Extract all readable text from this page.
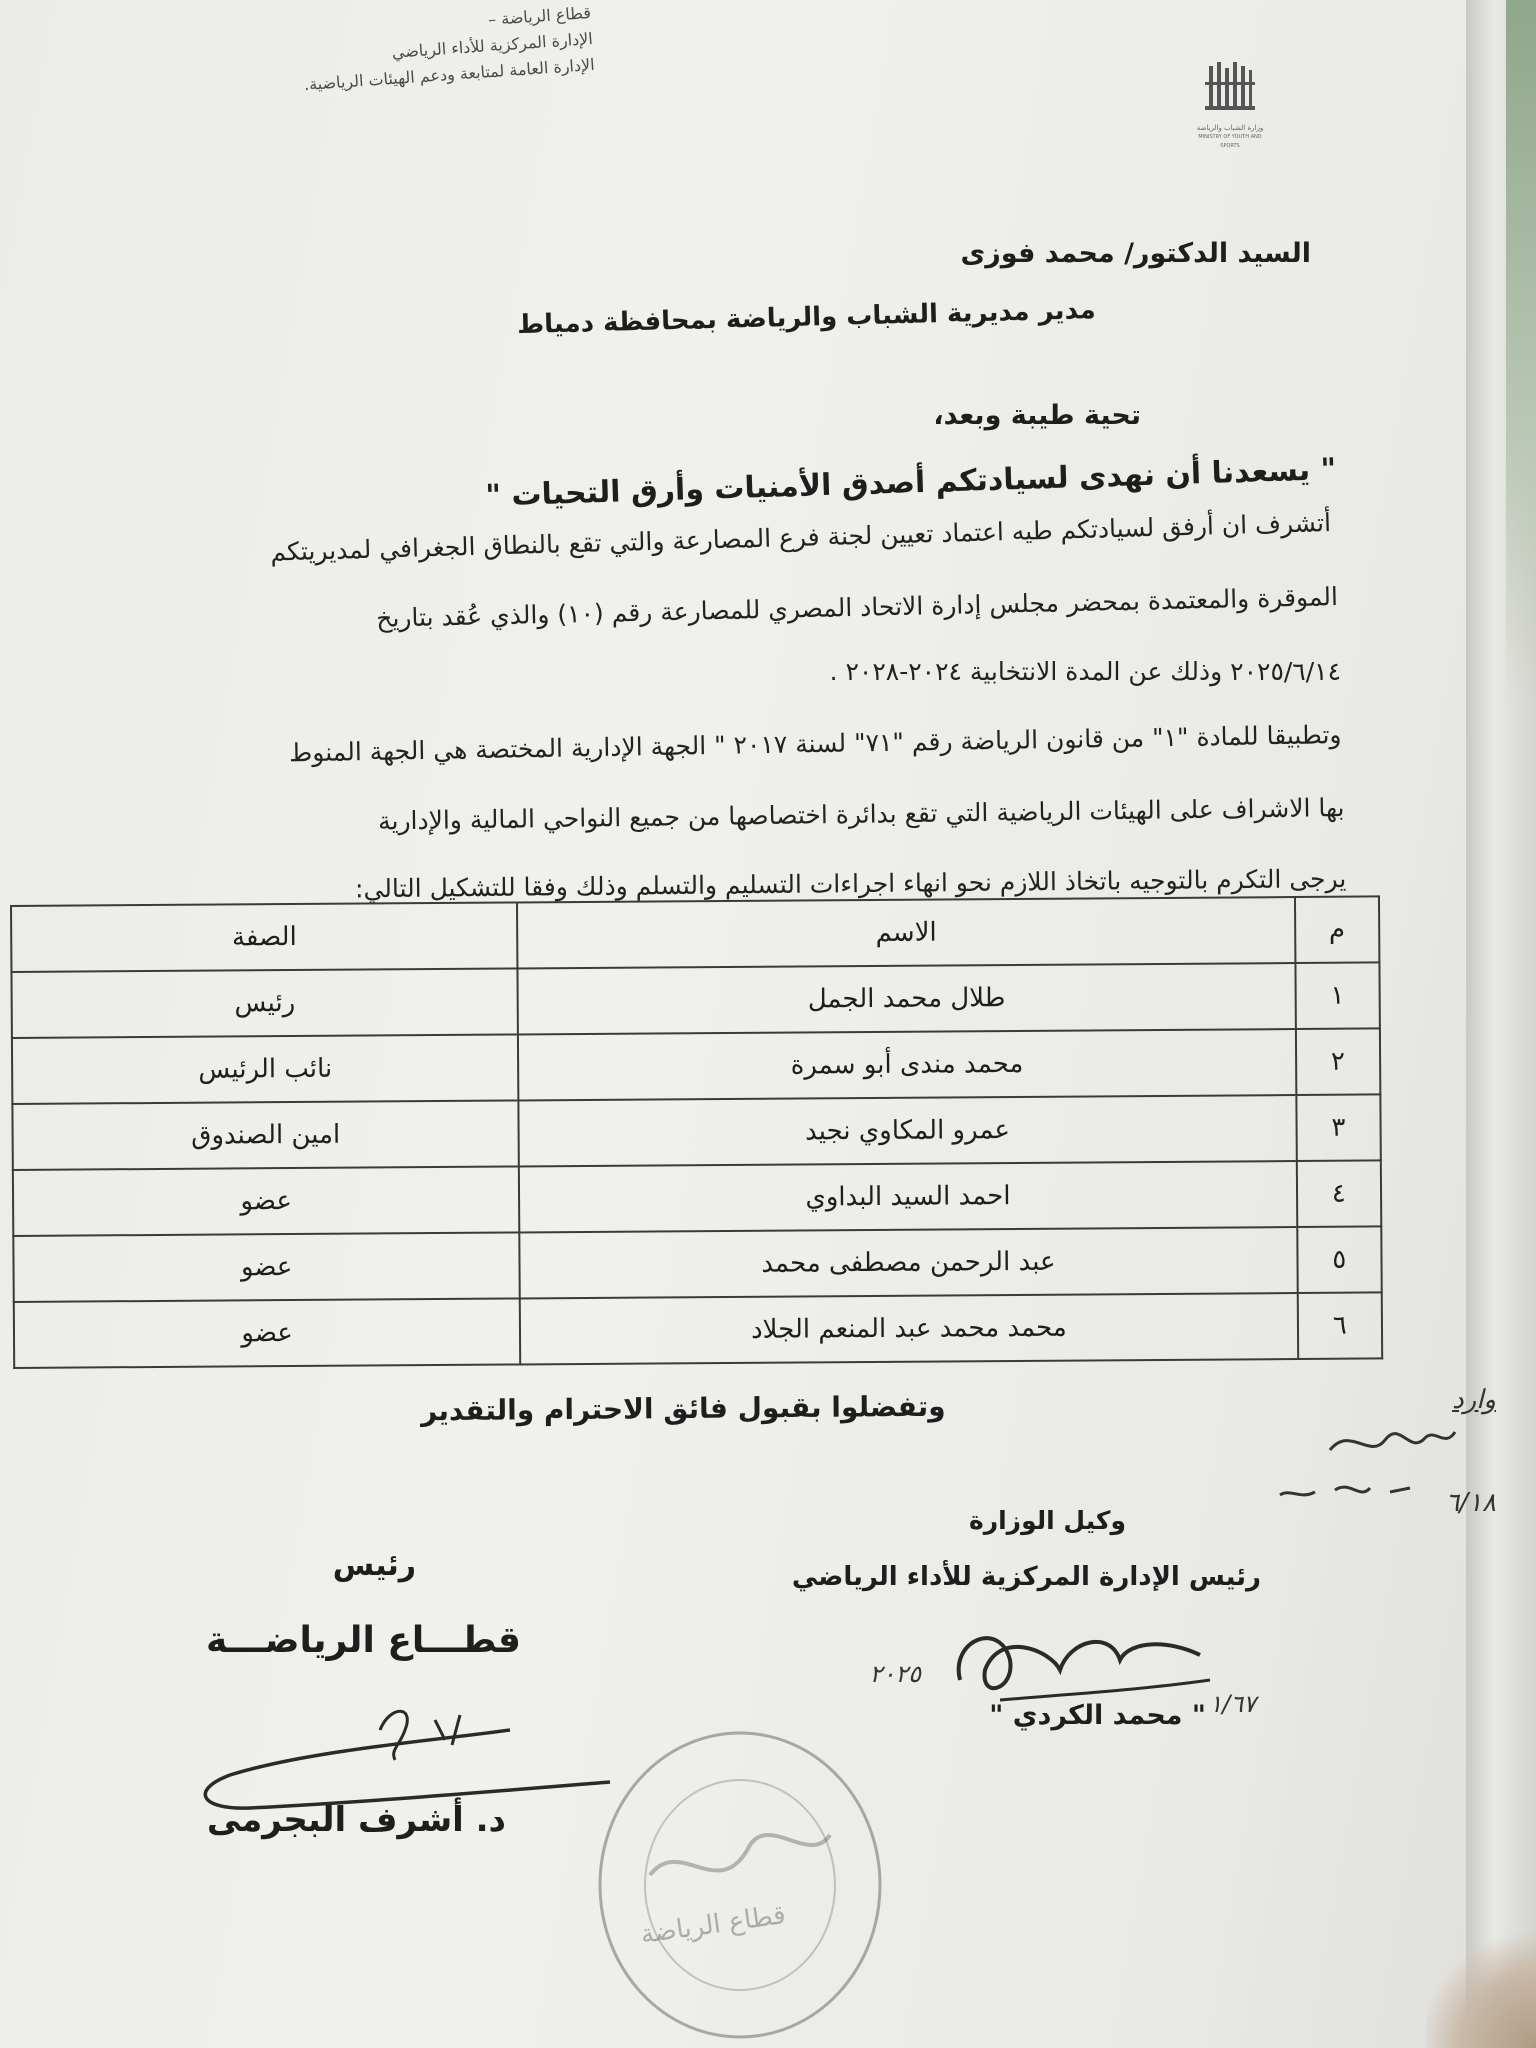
قطاع الرياضة –
الإدارة المركزية للأداء الرياضي
الإدارة العامة لمتابعة ودعم الهيئات الرياضية.
وزارة الشباب والرياضة
MINISTRY OF YOUTH AND SPORTS
السيد الدكتور/ محمد فوزى
مدير مديرية الشباب والرياضة بمحافظة دمياط
تحية طيبة وبعد،
" يسعدنا أن نهدى لسيادتكم أصدق الأمنيات وأرق التحيات "
أتشرف ان أرفق لسيادتكم طيه اعتماد تعيين لجنة فرع المصارعة والتي تقع بالنطاق الجغرافي لمديريتكم
الموقرة والمعتمدة بمحضر مجلس إدارة الاتحاد المصري للمصارعة رقم (١٠) والذي عُقد بتاريخ
٢٠٢٥/٦/١٤ وذلك عن المدة الانتخابية ٢٠٢٤-٢٠٢٨ .
وتطبيقا للمادة "١" من قانون الرياضة رقم "٧١" لسنة ٢٠١٧ " الجهة الإدارية المختصة هي الجهة المنوط
بها الاشراف على الهيئات الرياضية التي تقع بدائرة اختصاصها من جميع النواحي المالية والإدارية
يرجى التكرم بالتوجيه باتخاذ اللازم نحو انهاء اجراءات التسليم والتسلم وذلك وفقا للتشكيل التالي:
م	الاسم	الصفة
١	طلال محمد الجمل	رئيس
٢	محمد مندى أبو سمرة	نائب الرئيس
٣	عمرو المكاوي نجيد	امين الصندوق
٤	احمد السيد البداوي	عضو
٥	عبد الرحمن مصطفى محمد	عضو
٦	محمد محمد عبد المنعم الجلاد	عضو
وتفضلوا بقبول فائق الاحترام والتقدير	وارد
٦/١٨
وكيل الوزارة
رئيس الإدارة المركزية للأداء الرياضي
٢٠٢٥
١/٦٧
" محمد الكردي "
رئيس
قطـــاع الرياضـــة
د. أشرف البجرمى
قطاع الرياضة
